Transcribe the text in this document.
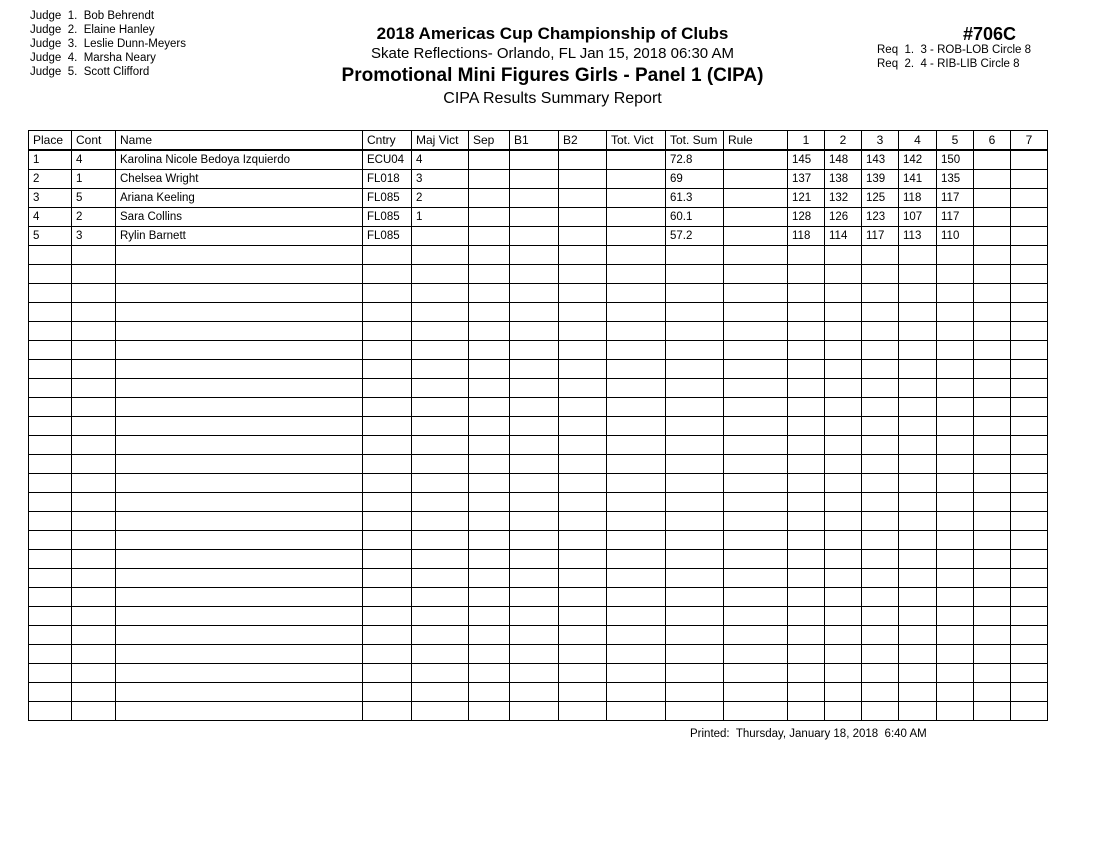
Judge  1.  Bob Behrendt
Judge  2.  Elaine Hanley
Judge  3.  Leslie Dunn-Meyers
Judge  4.  Marsha Neary
Judge  5.  Scott Clifford
2018 Americas Cup Championship of Clubs
Skate Reflections- Orlando, FL Jan 15, 2018 06:30 AM
Promotional Mini Figures Girls - Panel 1 (CIPA)
CIPA Results Summary Report
#706C
Req  1.  3 - ROB-LOB Circle 8
Req  2.  4 - RIB-LIB Circle 8
Place	Cont	Name	Cntry	Maj Vict	Sep	B1	B2	Tot. Vict	Tot. Sum	Rule	1	2	3	4	5	6	7
1	4	Karolina Nicole Bedoya Izquierdo	ECU04	4					72.8		145	148	143	142	150		
2	1	Chelsea Wright	FL018	3					69		137	138	139	141	135		
3	5	Ariana Keeling	FL085	2					61.3		121	132	125	118	117		
4	2	Sara Collins	FL085	1					60.1		128	126	123	107	117		
5	3	Rylin Barnett	FL085						57.2		118	114	117	113	110		

Printed:  Thursday, January 18, 2018  6:40 AM
